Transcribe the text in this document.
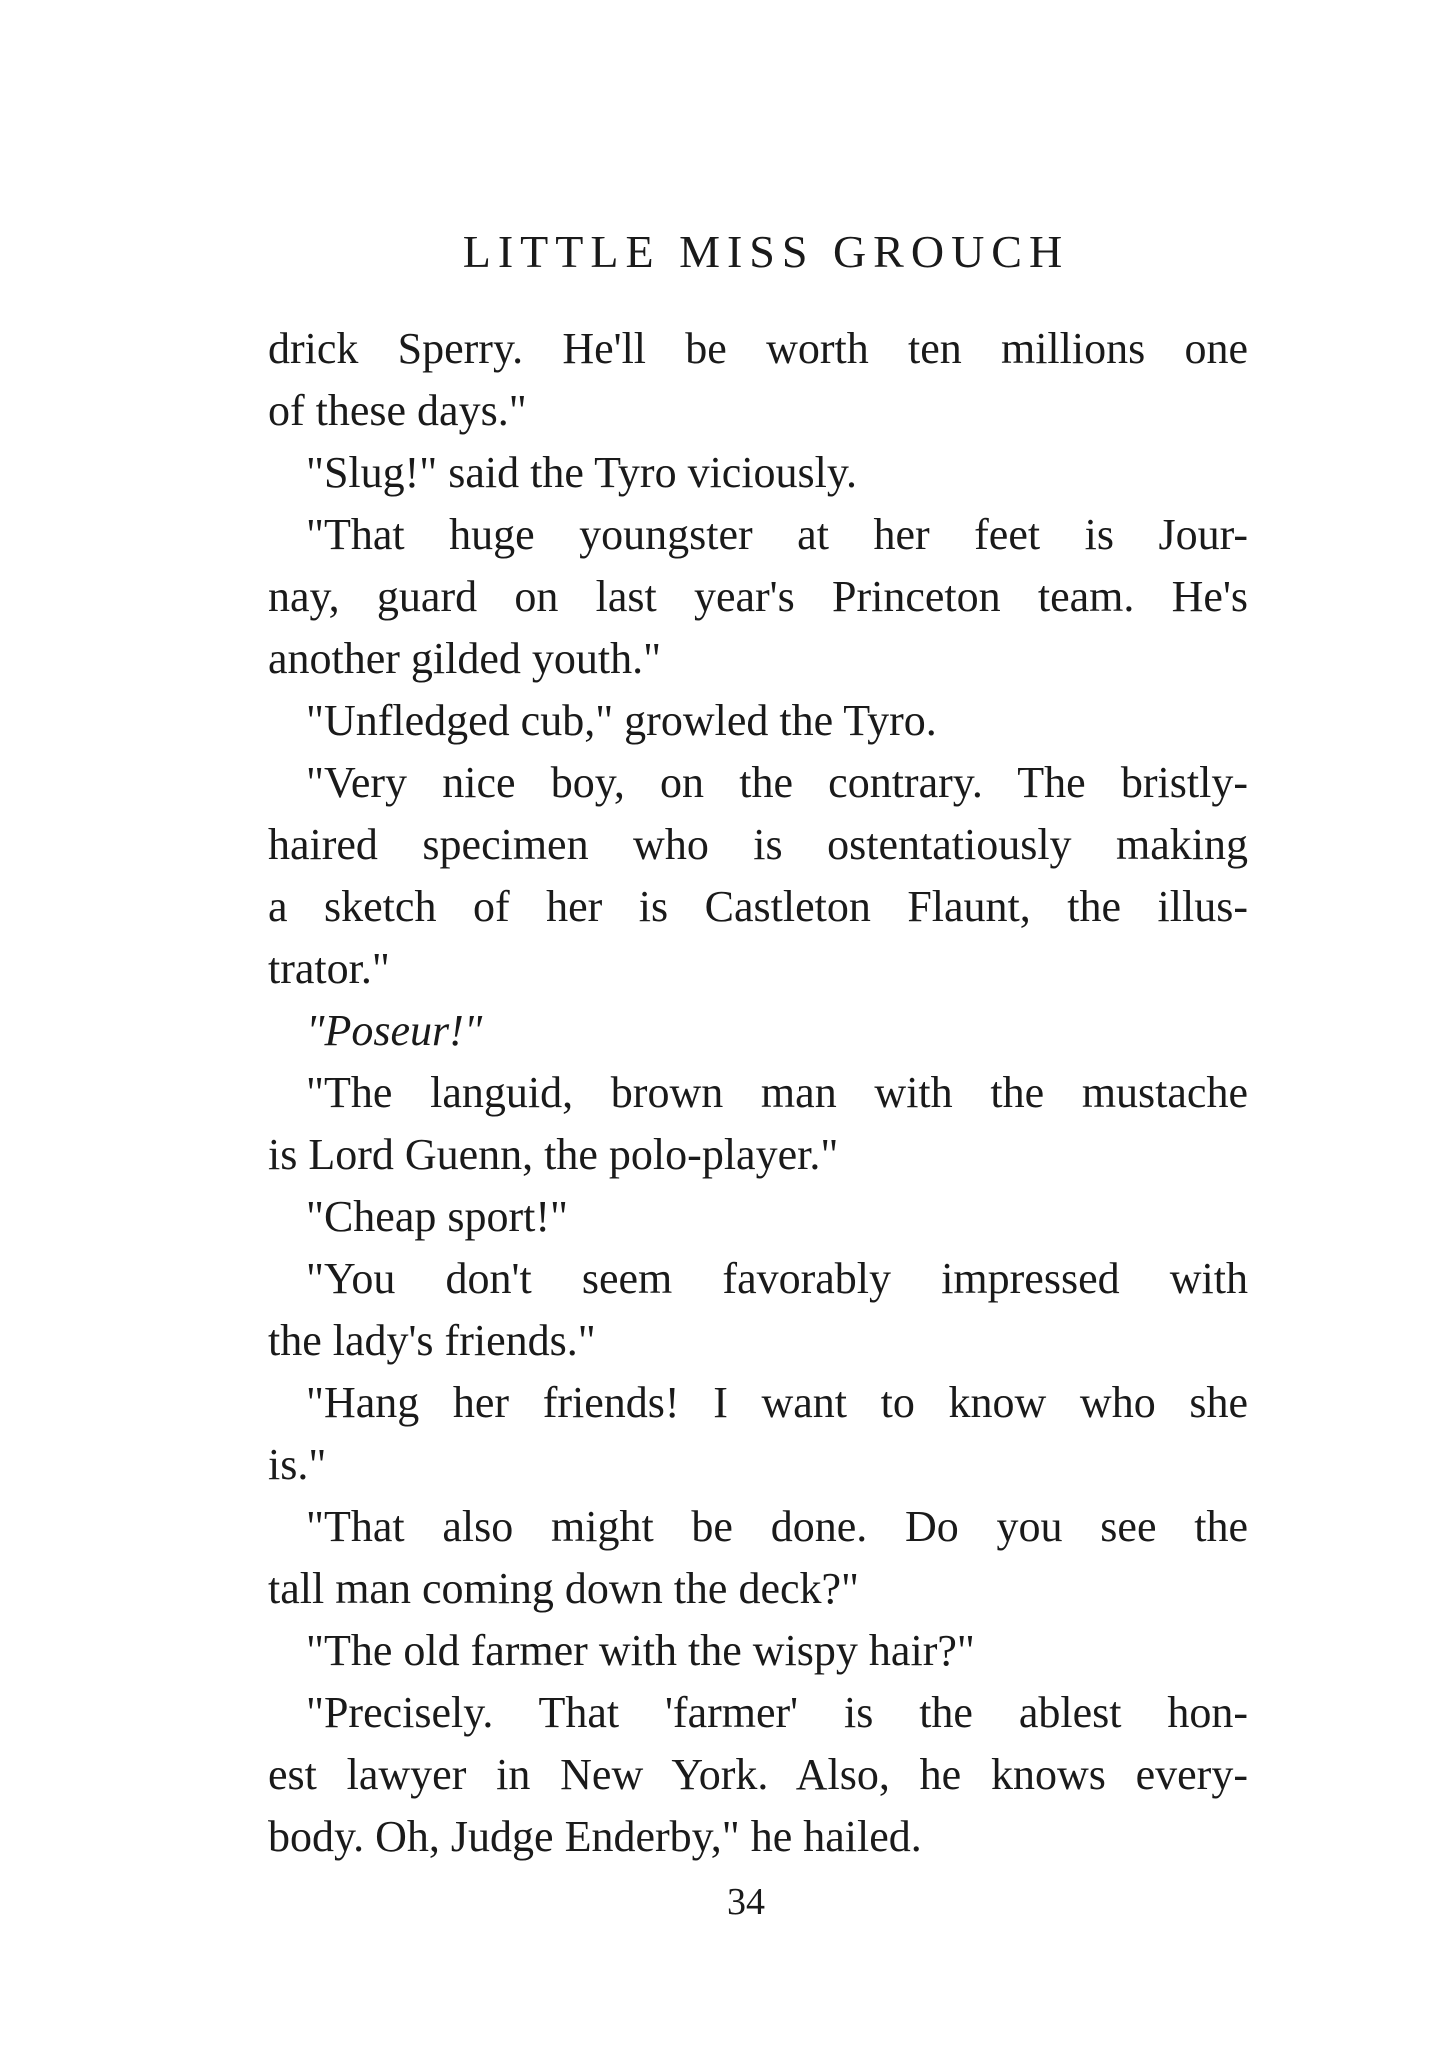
LITTLE MISS GROUCH
drick Sperry. He'll be worth ten millions one
of these days."
"Slug!" said the Tyro viciously.
"That huge youngster at her feet is Jour-
nay, guard on last year's Princeton team. He's
another gilded youth."
"Unfledged cub," growled the Tyro.
"Very nice boy, on the contrary. The bristly-
haired specimen who is ostentatiously making
a sketch of her is Castleton Flaunt, the illus-
trator."
"Poseur!"
"The languid, brown man with the mustache
is Lord Guenn, the polo-player."
"Cheap sport!"
"You don't seem favorably impressed with
the lady's friends."
"Hang her friends! I want to know who she
is."
"That also might be done. Do you see the
tall man coming down the deck?"
"The old farmer with the wispy hair?"
"Precisely. That 'farmer' is the ablest hon-
est lawyer in New York. Also, he knows every-
body. Oh, Judge Enderby," he hailed.
34
